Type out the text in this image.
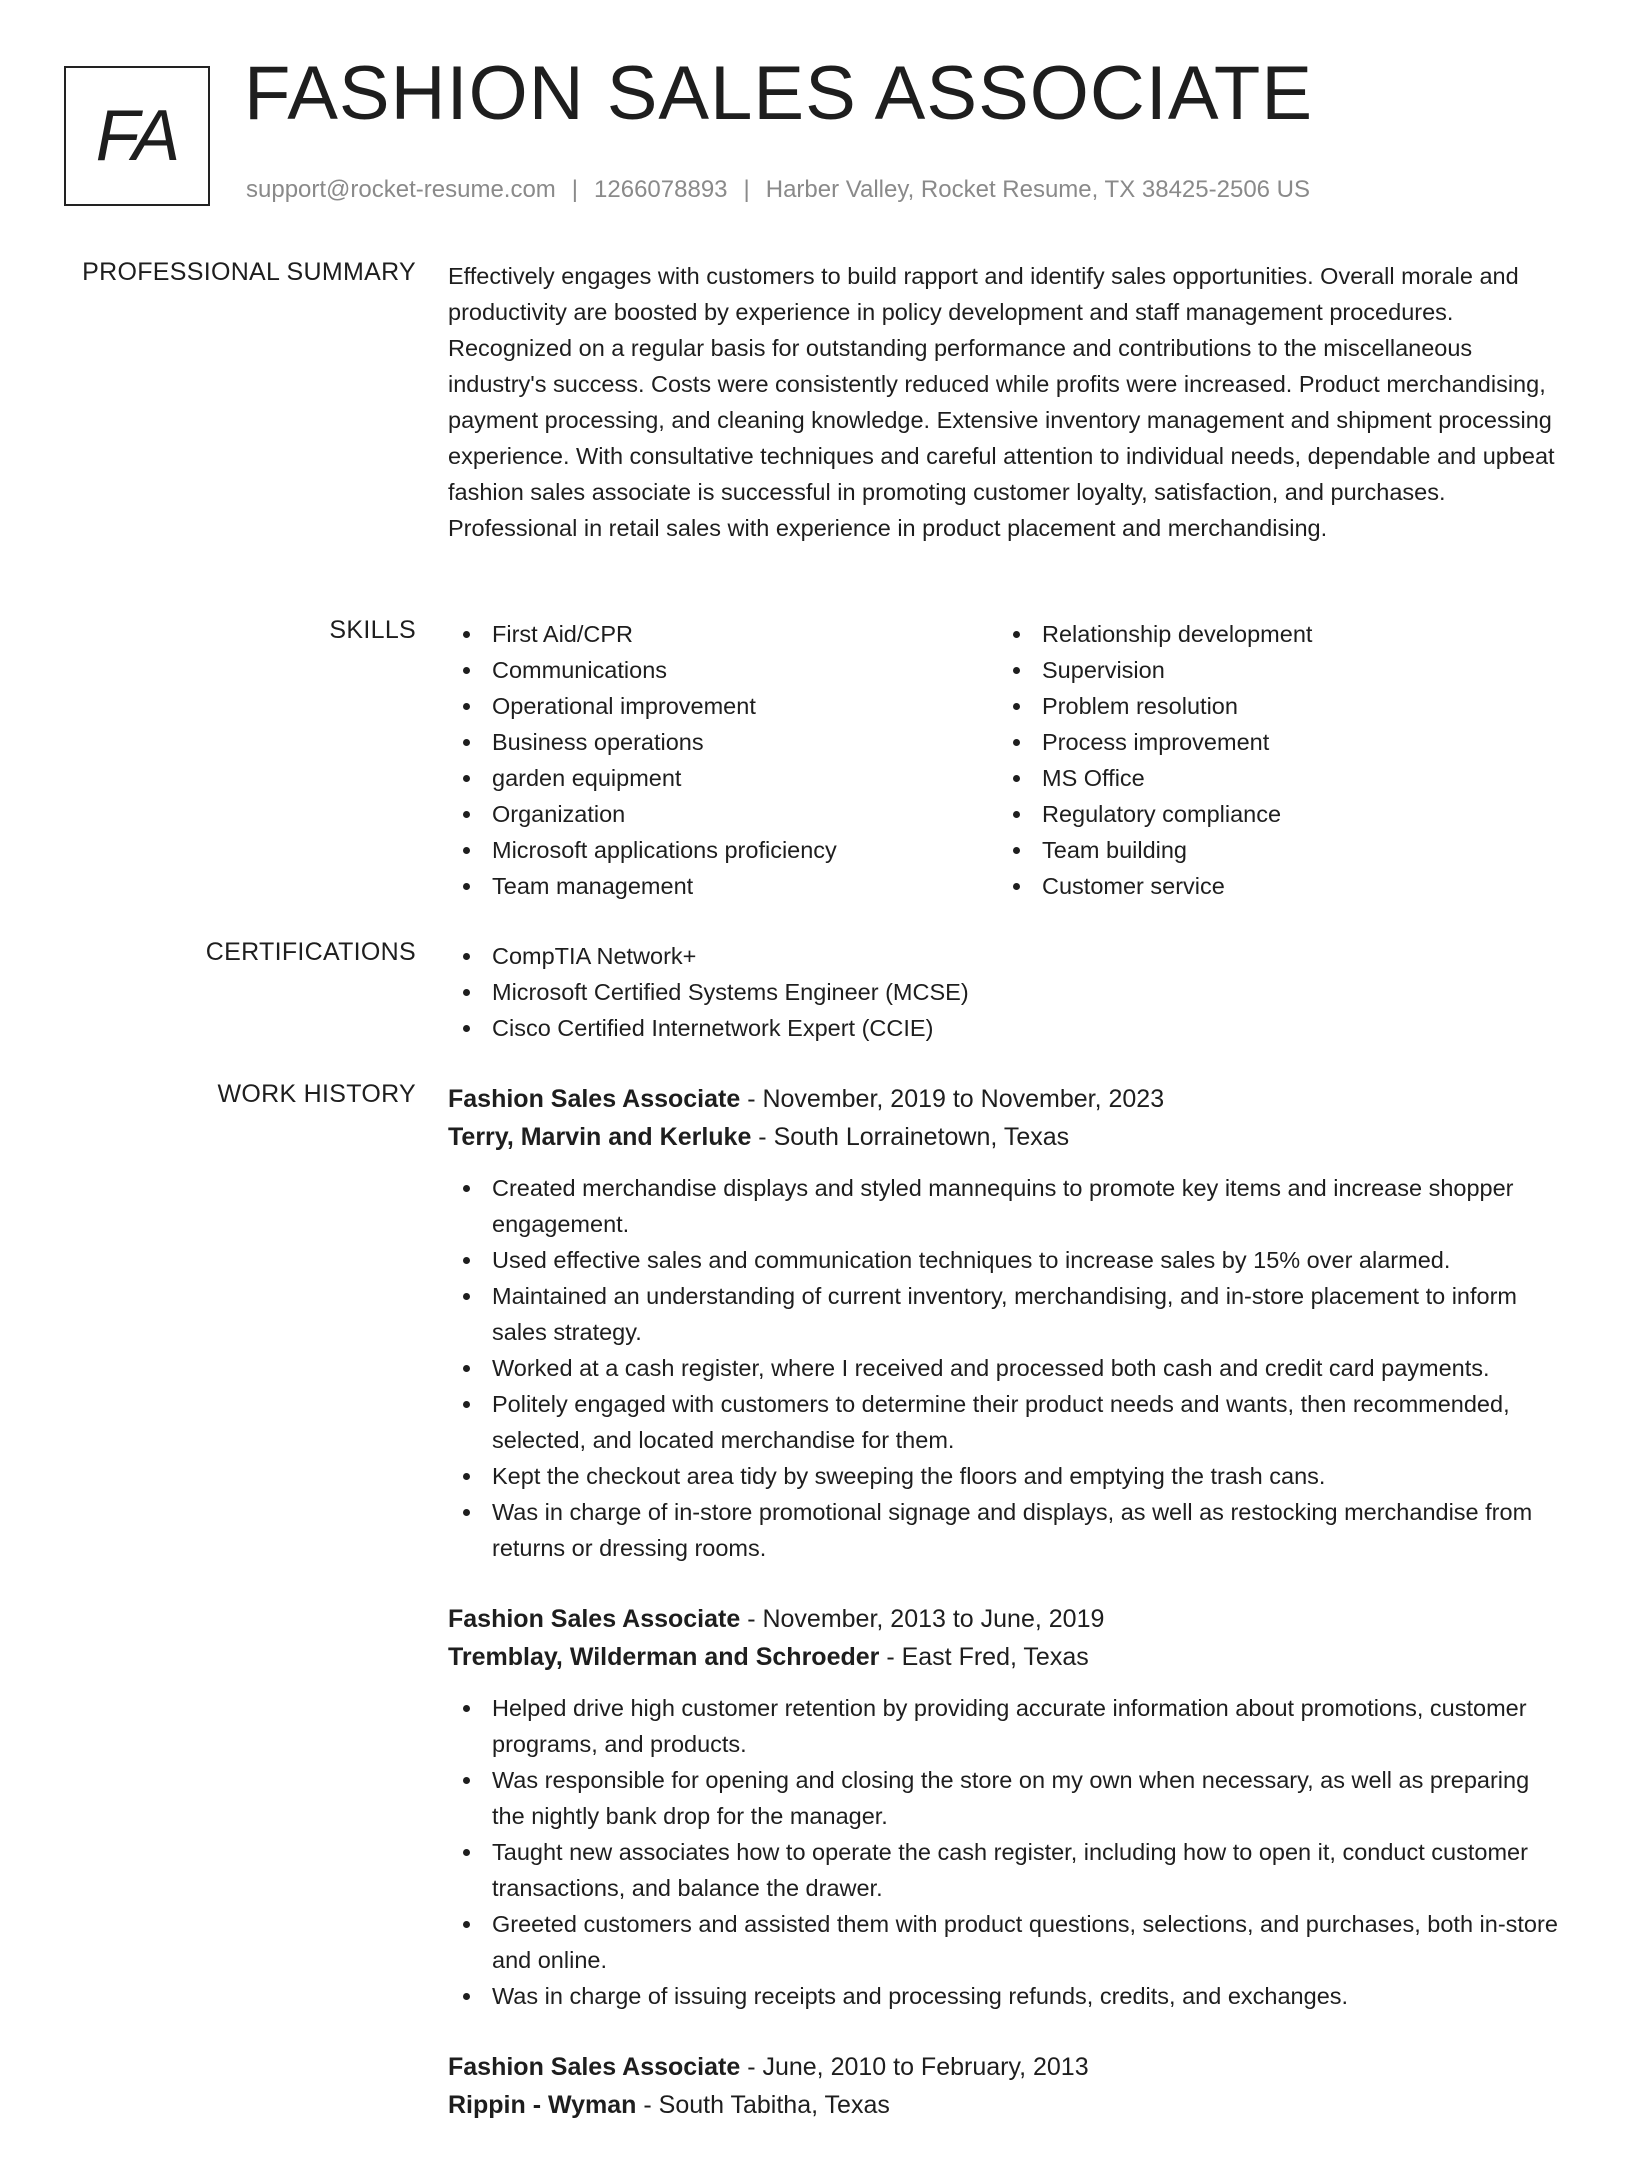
FA FASHION SALES ASSOCIATE
support@rocket-resume.com | 1266078893 | Harber Valley, Rocket Resume, TX 38425-2506 US
PROFESSIONAL SUMMARY Effectively engages with customers to build rapport and identify sales opportunities. Overall morale and productivity are boosted by experience in policy development and staff management procedures. Recognized on a regular basis for outstanding performance and contributions to the miscellaneous industry's success. Costs were consistently reduced while profits were increased. Product merchandising, payment processing, and cleaning knowledge. Extensive inventory management and shipment processing experience. With consultative techniques and careful attention to individual needs, dependable and upbeat fashion sales associate is successful in promoting customer loyalty, satisfaction, and purchases. Professional in retail sales with experience in product placement and merchandising.

SKILLS	First Aid/CPR
Communications
Operational improvement
Business operations
garden equipment
Organization
Microsoft applications proficiency
Team management
Relationship development
Supervision
Problem resolution
Process improvement
MS Office
Regulatory compliance
Team building
Customer service
CERTIFICATIONS	CompTIA Network+
Microsoft Certified Systems Engineer (MCSE)
Cisco Certified Internetwork Expert (CCIE)
WORK HISTORY Fashion Sales Associate - November, 2019 to November, 2023
Terry, Marvin and Kerluke - South Lorrainetown, Texas
Created merchandise displays and styled mannequins to promote key items and increase shopper engagement.
Used effective sales and communication techniques to increase sales by 15% over alarmed.
Maintained an understanding of current inventory, merchandising, and in-store placement to inform sales strategy.
Worked at a cash register, where I received and processed both cash and credit card payments.
Politely engaged with customers to determine their product needs and wants, then recommended, selected, and located merchandise for them.
Kept the checkout area tidy by sweeping the floors and emptying the trash cans.
Was in charge of in-store promotional signage and displays, as well as restocking merchandise from returns or dressing rooms.
Fashion Sales Associate - November, 2013 to June, 2019
Tremblay, Wilderman and Schroeder - East Fred, Texas
Helped drive high customer retention by providing accurate information about promotions, customer programs, and products.
Was responsible for opening and closing the store on my own when necessary, as well as preparing the nightly bank drop for the manager.
Taught new associates how to operate the cash register, including how to open it, conduct customer transactions, and balance the drawer.
Greeted customers and assisted them with product questions, selections, and purchases, both in-store and online.
Was in charge of issuing receipts and processing refunds, credits, and exchanges.
Fashion Sales Associate - June, 2010 to February, 2013
Rippin - Wyman - South Tabitha, Texas
